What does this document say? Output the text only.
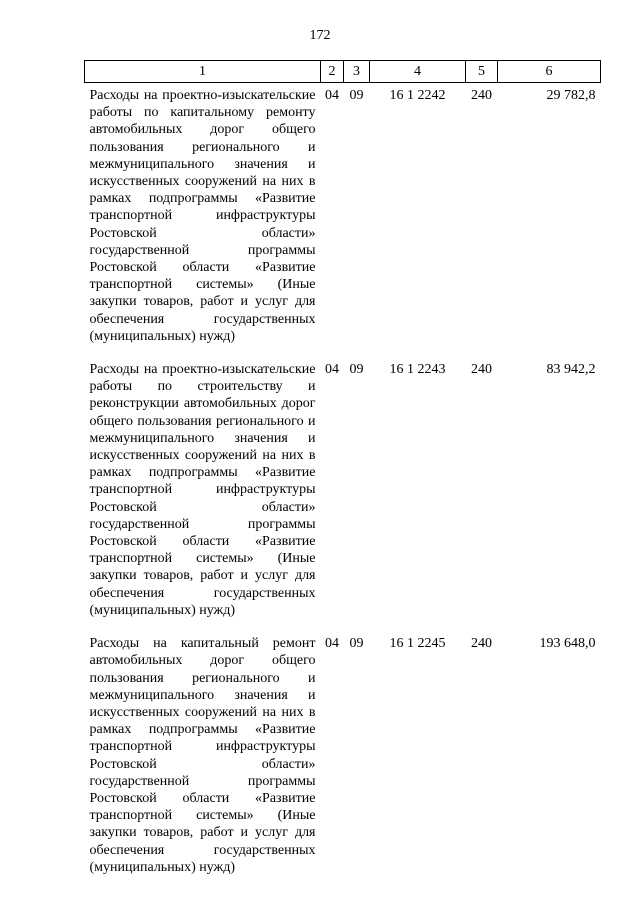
172
1	2	3	4	5	6
Расходы на проектно-изыскательские работы по капитальному ремонту автомобильных дорог общего пользования регионального и межмуниципального значения и искусственных сооружений на них в рамках подпрограммы «Развитие транспортной инфраструктуры Ростовской области» государственной программы Ростовской области «Развитие транспортной системы» (Иные закупки товаров, работ и услуг для обеспечения государственных (муниципальных) нужд)	04	09	16 1 2242	240	29 782,8
Расходы на проектно-изыскательские работы по строительству и реконструкции автомобильных дорог общего пользования регионального и межмуниципального значения и искусственных сооружений на них в рамках подпрограммы «Развитие транспортной инфраструктуры Ростовской области» государственной программы Ростовской области «Развитие транспортной системы» (Иные закупки товаров, работ и услуг для обеспечения государственных (муниципальных) нужд)	04	09	16 1 2243	240	83 942,2
Расходы на капитальный ремонт автомобильных дорог общего пользования регионального и межмуниципального значения и искусственных сооружений на них в рамках подпрограммы «Развитие транспортной инфраструктуры Ростовской области» государственной программы Ростовской области «Развитие транспортной системы» (Иные закупки товаров, работ и услуг для обеспечения государственных (муниципальных) нужд)	04	09	16 1 2245	240	193 648,0
